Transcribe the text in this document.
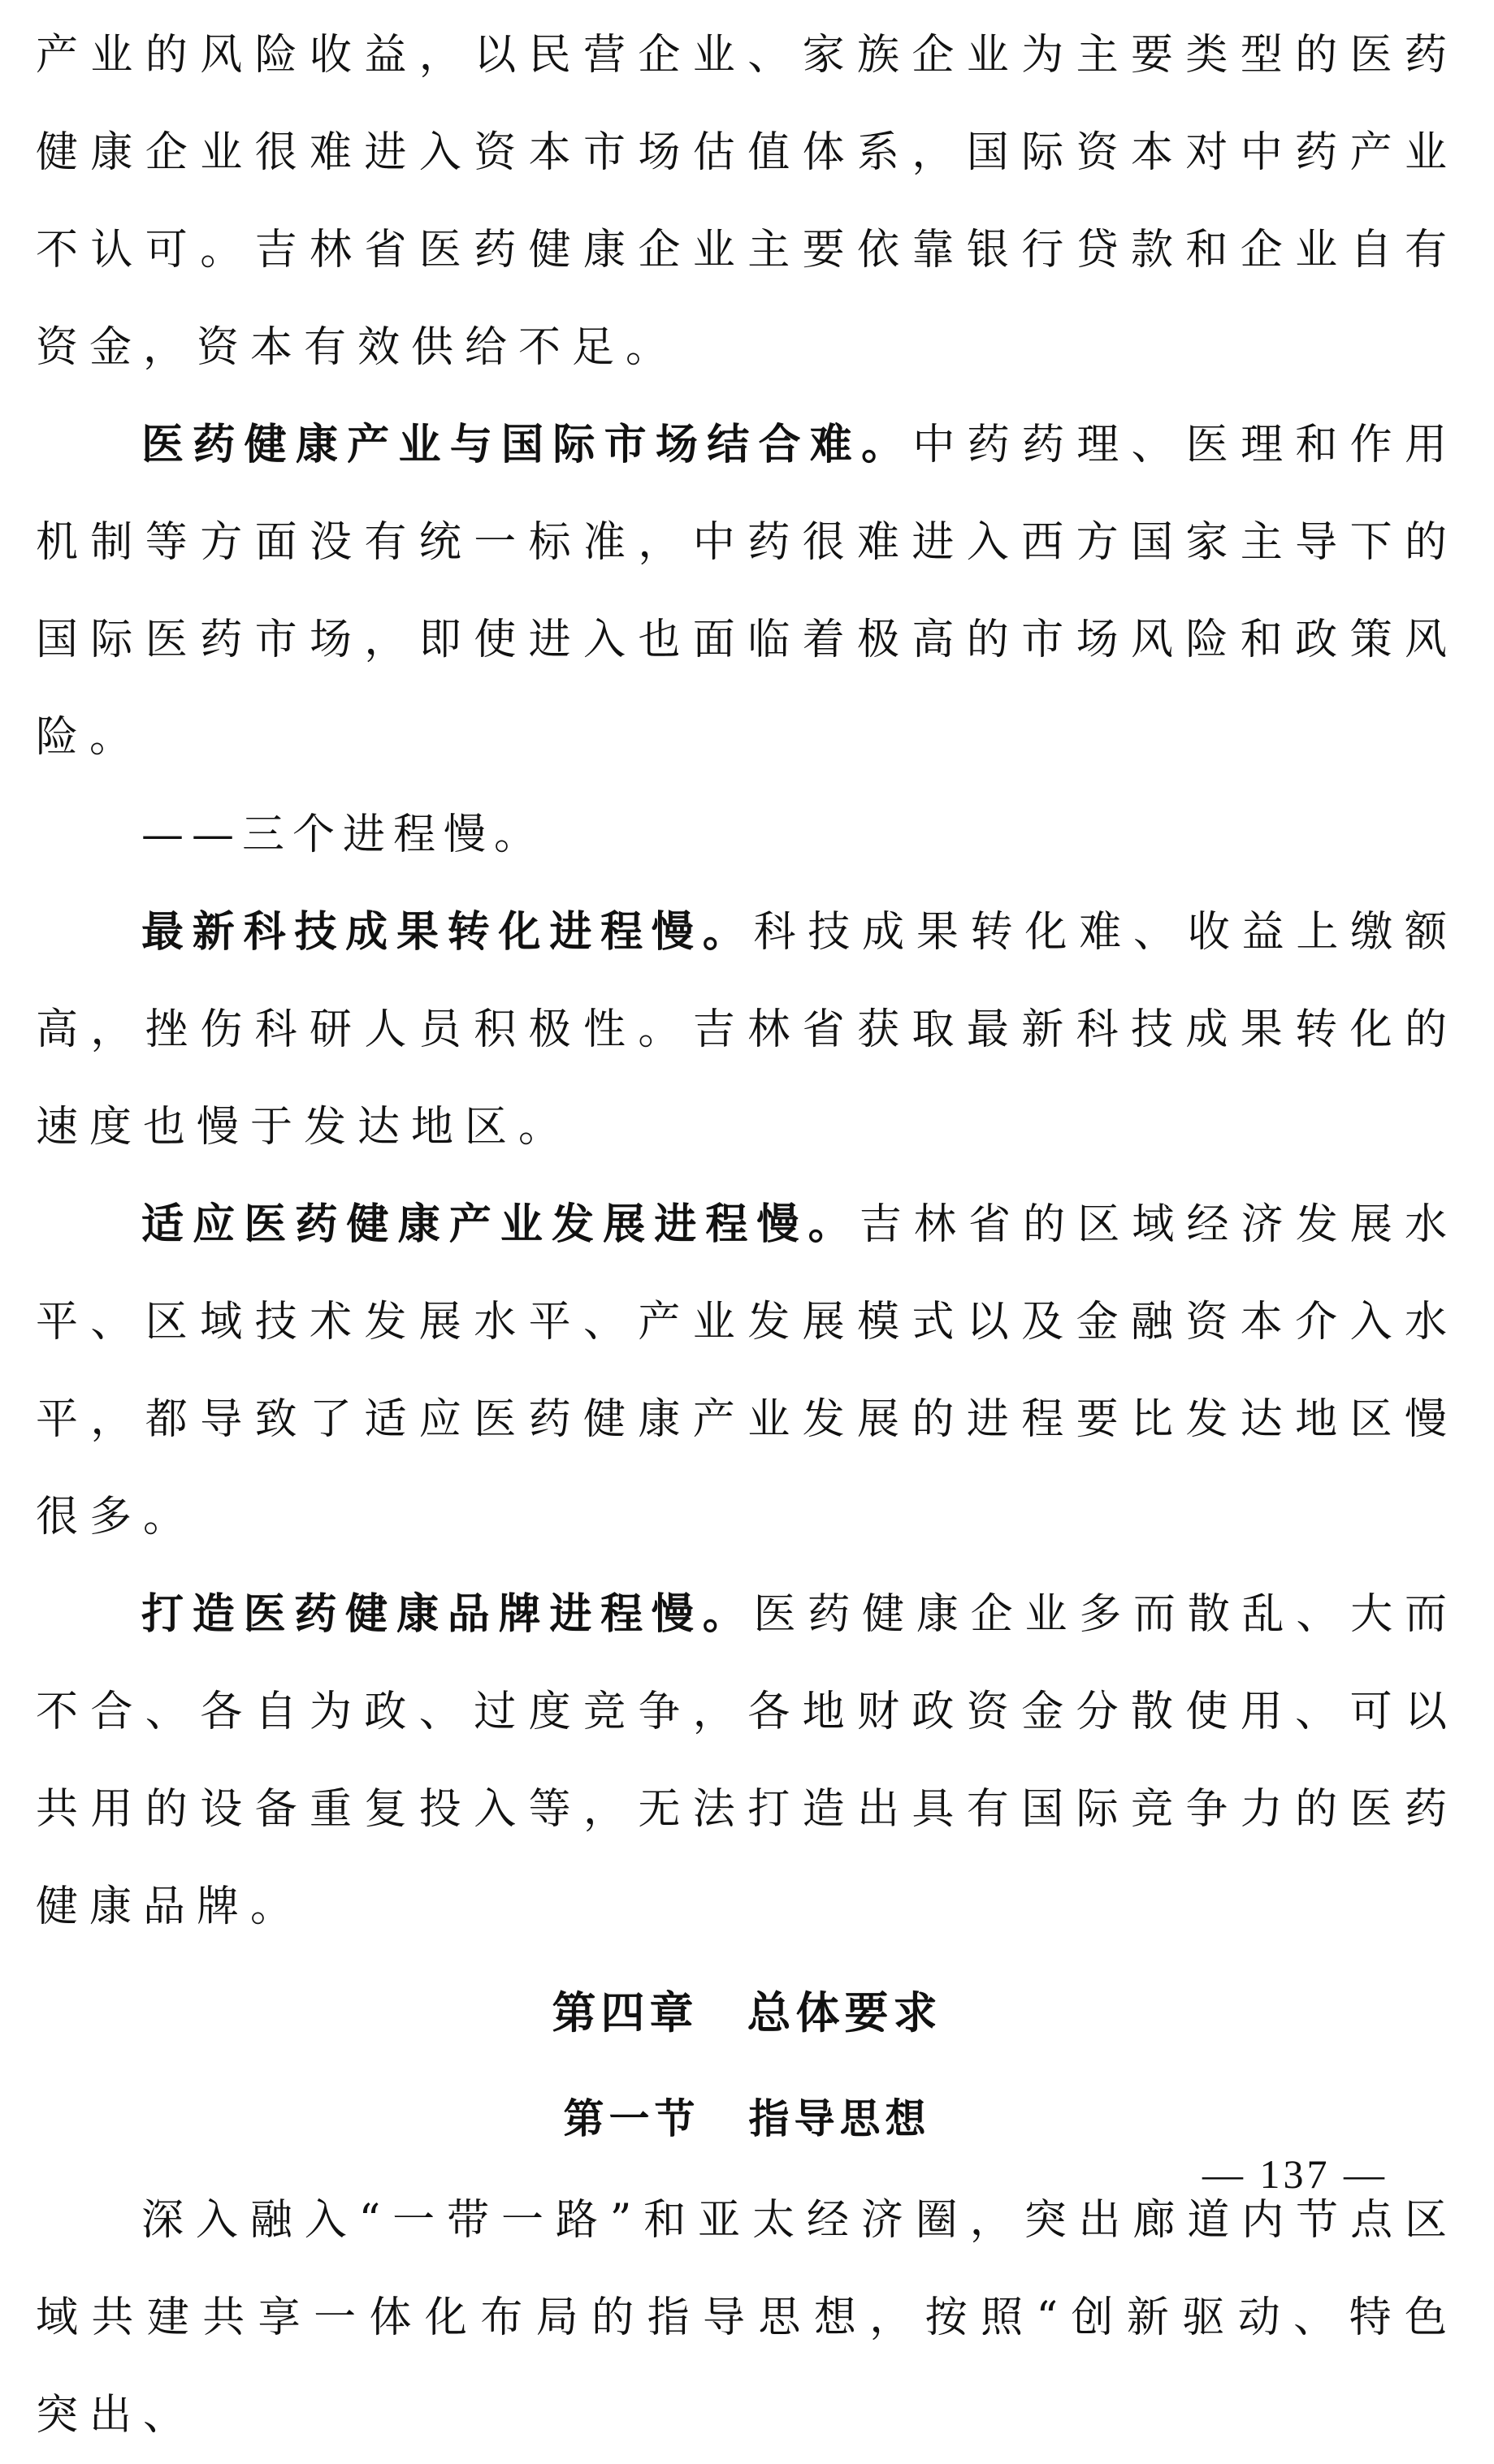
产业的风险收益，以民营企业、家族企业为主要类型的医药健康企业很难进入资本市场估值体系，国际资本对中药产业不认可。吉林省医药健康企业主要依靠银行贷款和企业自有资金，资本有效供给不足。

医药健康产业与国际市场结合难。中药药理、医理和作用机制等方面没有统一标准，中药很难进入西方国家主导下的国际医药市场，即使进入也面临着极高的市场风险和政策风险。

——三个进程慢。

最新科技成果转化进程慢。科技成果转化难、收益上缴额高，挫伤科研人员积极性。吉林省获取最新科技成果转化的速度也慢于发达地区。

适应医药健康产业发展进程慢。吉林省的区域经济发展水平、区域技术发展水平、产业发展模式以及金融资本介入水平，都导致了适应医药健康产业发展的进程要比发达地区慢很多。

打造医药健康品牌进程慢。医药健康企业多而散乱、大而不合、各自为政、过度竞争，各地财政资金分散使用、可以共用的设备重复投入等，无法打造出具有国际竞争力的医药健康品牌。

第四章 总体要求
第一节 指导思想

深入融入“一带一路”和亚太经济圈，突出廊道内节点区域共建共享一体化布局的指导思想，按照“创新驱动、特色突出、

— 137 —
